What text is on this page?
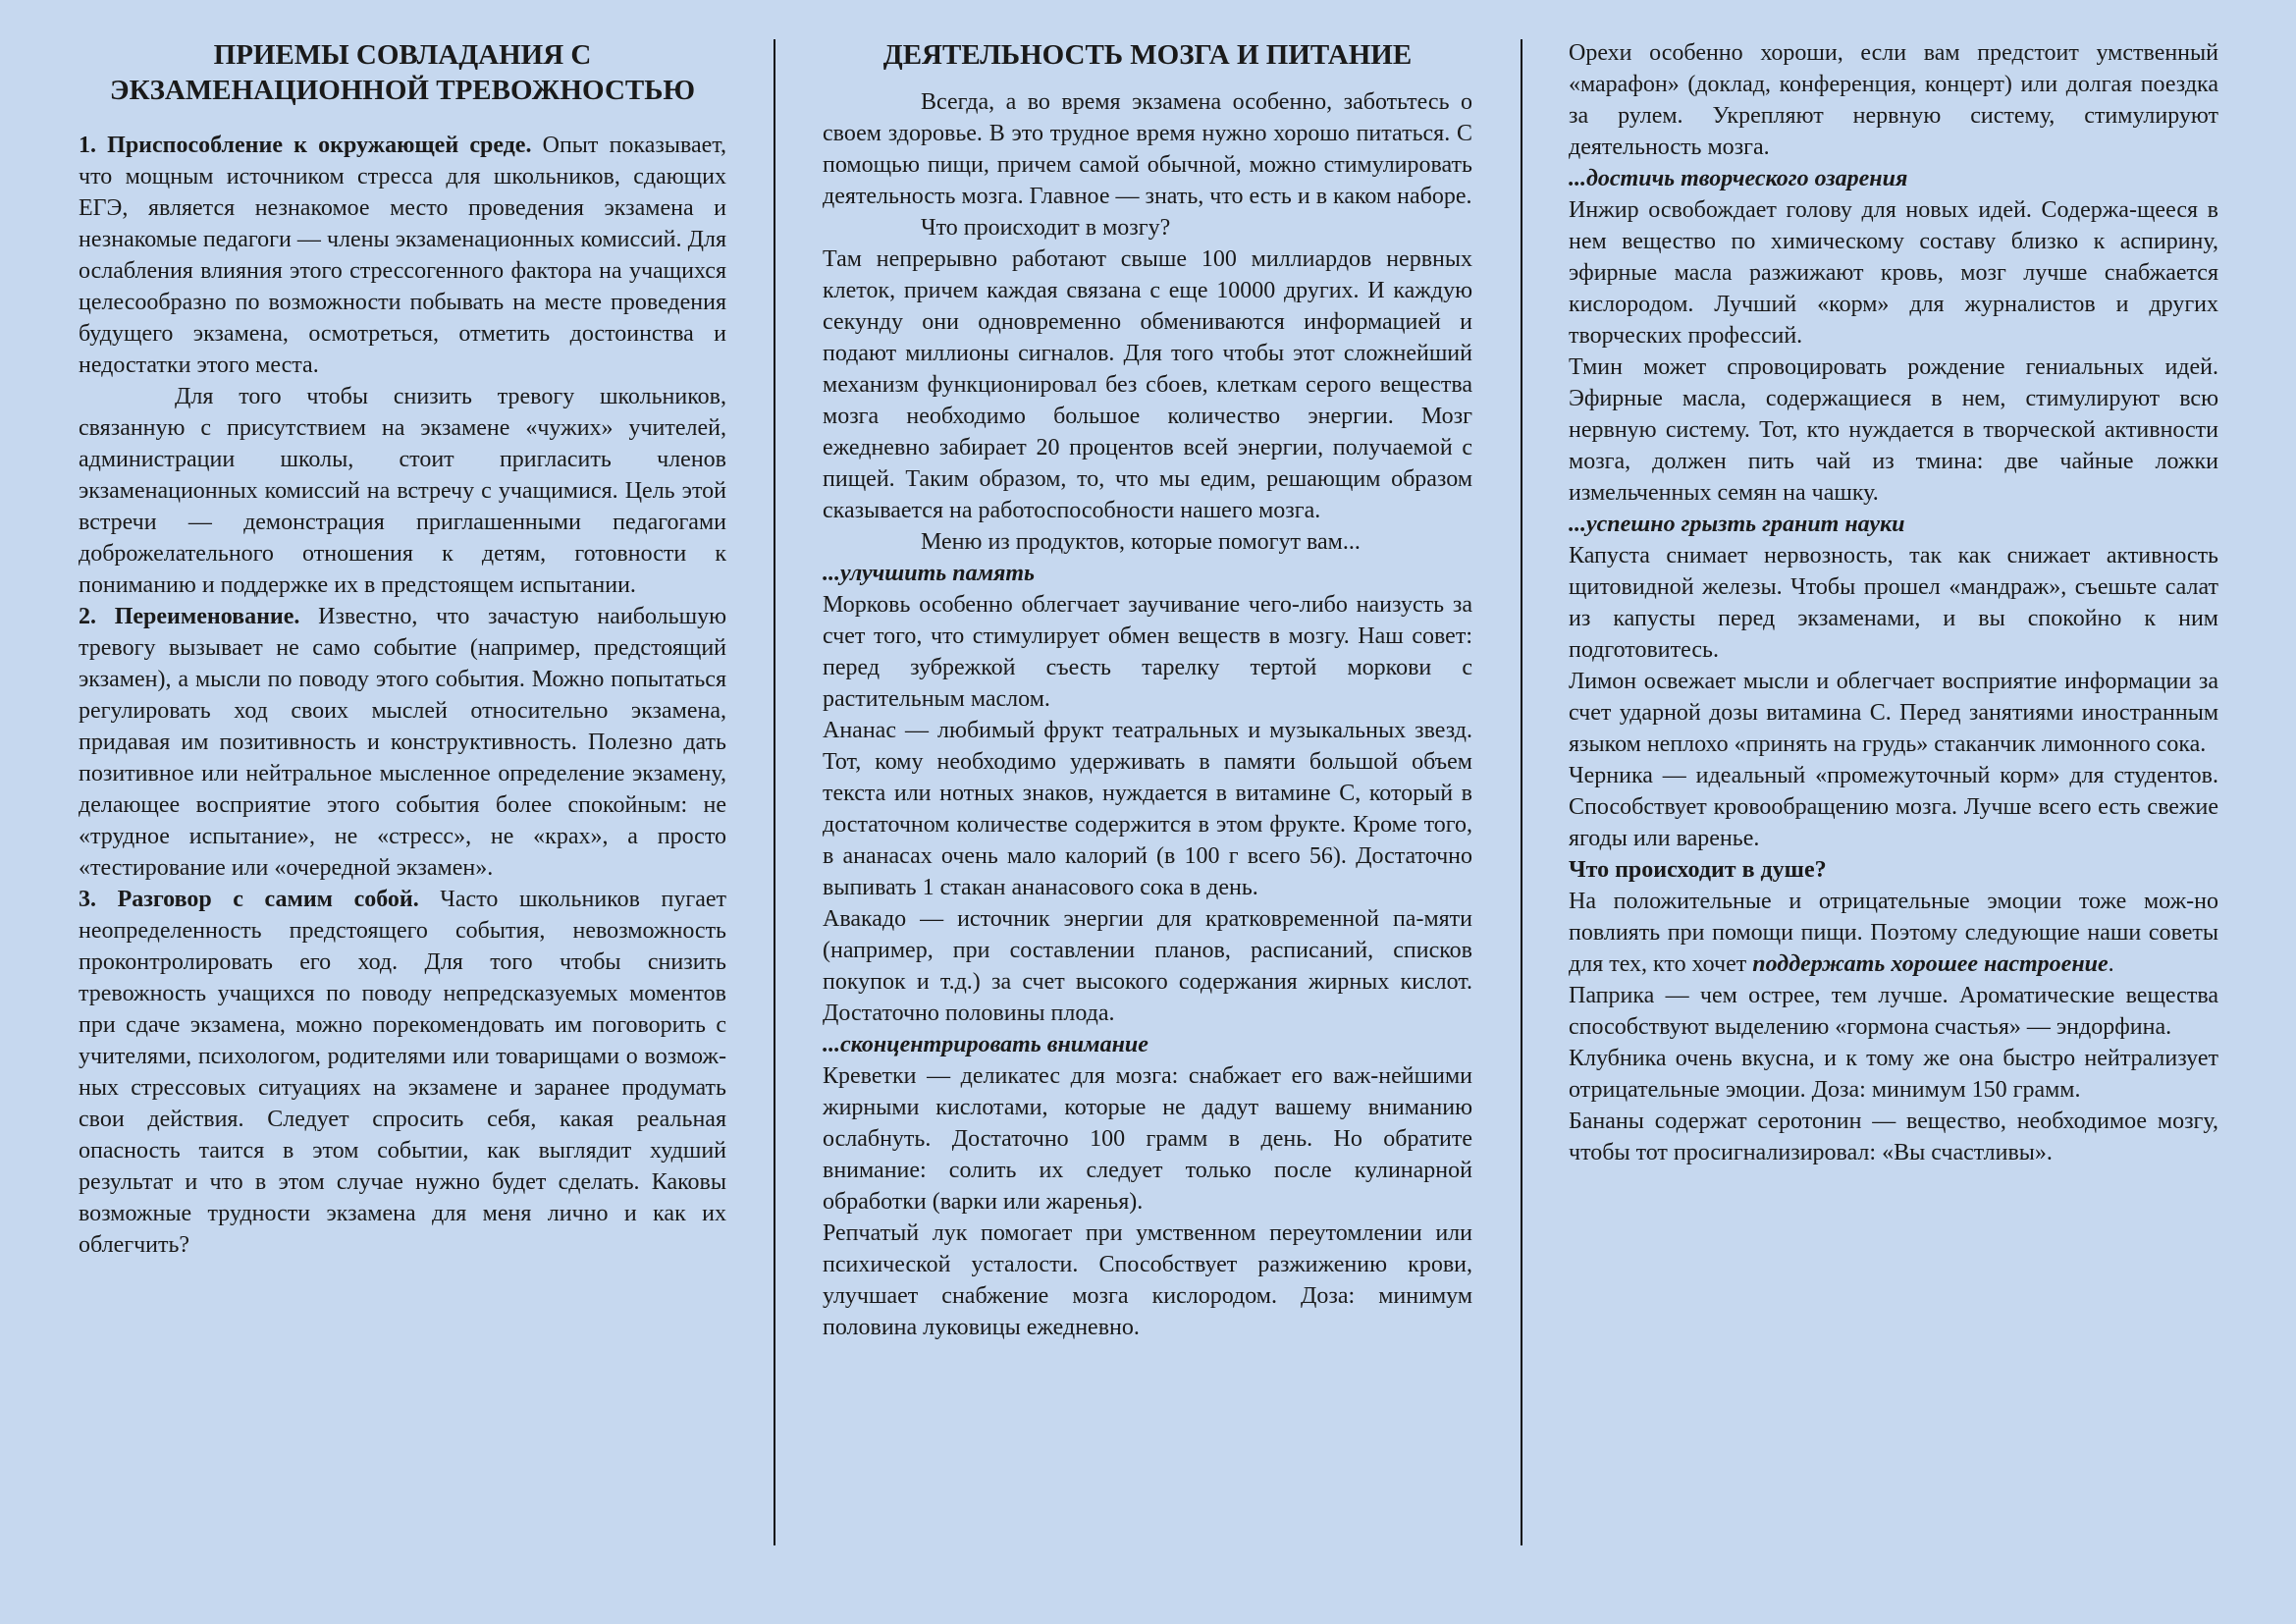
ПРИЕМЫ СОВЛАДАНИЯ С
ЭКЗАМЕНАЦИОННОЙ ТРЕВОЖНОСТЬЮ

1. Приспособление к окружающей среде. Опыт показывает, что мощным источником стресса для школьников, сдающих ЕГЭ, является незнакомое место проведения экзамена и незнакомые педагоги — члены экзаменационных комиссий. Для ослабления влияния этого стрессогенного фактора на учащихся целесообразно по возможности побывать на месте проведения будущего экзамена, осмотреться, отметить достоинства и недостатки этого места.

Для того чтобы снизить тревогу школьников, связанную с присутствием на экзамене «чужих» учителей, администрации школы, стоит пригласить членов экзаменационных комиссий на встречу с учащимися. Цель этой встречи — демонстрация приглашенными педагогами доброжелательного отношения к детям, готовности к пониманию и поддержке их в предстоящем испытании.

2. Переименование. Известно, что зачастую наибольшую тревогу вызывает не само событие (например, предстоящий экзамен), а мысли по поводу этого события. Можно попытаться регулировать ход своих мыслей относительно экзамена, придавая им позитивность и конструктивность. Полезно дать позитивное или нейтральное мысленное определение экзамену, делающее восприятие этого события более спокойным: не «трудное испытание», не «стресс», не «крах», а просто «тестирование или «очередной экзамен».

3. Разговор с самим собой. Часто школьников пугает неопределенность предстоящего события, невозможность проконтролировать его ход. Для того чтобы снизить тревожность учащихся по поводу непредсказуемых моментов при сдаче экзамена, можно порекомендовать им поговорить с учителями, психологом, родителями или товарищами о возмож-ных стрессовых ситуациях на экзамене и заранее продумать свои действия. Следует спросить себя, какая реальная опасность таится в этом событии, как выглядит худший результат и что в этом случае нужно будет сделать. Каковы возможные трудности экзамена для меня лично и как их облегчить?

ДЕЯТЕЛЬНОСТЬ МОЗГА И ПИТАНИЕ

Всегда, а во время экзамена особенно, заботьтесь о своем здоровье. В это трудное время нужно хорошо питаться. С помощью пищи, причем самой обычной, можно стимулировать деятельность мозга. Главное — знать, что есть и в каком наборе.

Что происходит в мозгу?

Там непрерывно работают свыше 100 миллиардов нервных клеток, причем каждая связана с еще 10000 других. И каждую секунду они одновременно обмениваются информацией и подают миллионы сигналов. Для того чтобы этот сложнейший механизм функционировал без сбоев, клеткам серого вещества мозга необходимо большое количество энергии. Мозг ежедневно забирает 20 процентов всей энергии, получаемой с пищей. Таким образом, то, что мы едим, решающим образом сказывается на работоспособности нашего мозга.

Меню из продуктов, которые помогут вам...

...улучшить память

Морковь особенно облегчает заучивание чего-либо наизусть за счет того, что стимулирует обмен веществ в мозгу. Наш совет: перед зубрежкой съесть тарелку тертой моркови с растительным маслом.

Ананас — любимый фрукт театральных и музыкальных звезд. Тот, кому необходимо удерживать в памяти большой объем текста или нотных знаков, нуждается в витамине С, который в достаточном количестве содержится в этом фрукте. Кроме того, в ананасах очень мало калорий (в 100 г всего 56). Достаточно выпивать 1 стакан ананасового сока в день.

Авакадо — источник энергии для кратковременной па-мяти (например, при составлении планов, расписаний, списков покупок и т.д.) за счет высокого содержания жирных кислот. Достаточно половины плода.

...сконцентрировать внимание

Креветки — деликатес для мозга: снабжает его важ-нейшими жирными кислотами, которые не дадут вашему вниманию ослабнуть. Достаточно 100 грамм в день. Но обратите внимание: солить их следует только после кулинарной обработки (варки или жаренья).

Репчатый лук помогает при умственном переутомлении или психической усталости. Способствует разжижению крови, улучшает снабжение мозга кислородом. Доза: минимум половина луковицы ежедневно.

Орехи особенно хороши, если вам предстоит умственный «марафон» (доклад, конференция, концерт) или долгая поездка за рулем. Укрепляют нервную систему, стимулируют деятельность мозга.

...достичь творческого озарения

Инжир освобождает голову для новых идей. Содержа-щееся в нем вещество по химическому составу близко к аспирину, эфирные масла разжижают кровь, мозг лучше снабжается кислородом. Лучший «корм» для журналистов и других творческих профессий.

Тмин может спровоцировать рождение гениальных идей. Эфирные масла, содержащиеся в нем, стимулируют всю нервную систему. Тот, кто нуждается в творческой активности мозга, должен пить чай из тмина: две чайные ложки измельченных семян на чашку.

...успешно грызть гранит науки

Капуста снимает нервозность, так как снижает активность щитовидной железы. Чтобы прошел «мандраж», съешьте салат из капусты перед экзаменами, и вы спокойно к ним подготовитесь.

Лимон освежает мысли и облегчает восприятие информации за счет ударной дозы витамина С. Перед занятиями иностранным языком неплохо «принять на грудь» стаканчик лимонного сока.

Черника — идеальный «промежуточный корм» для студентов. Способствует кровообращению мозга. Лучше всего есть свежие ягоды или варенье.

Что происходит в душе?

На положительные и отрицательные эмоции тоже мож-но повлиять при помощи пищи. Поэтому следующие наши советы для тех, кто хочет поддержать хорошее настроение.

Паприка — чем острее, тем лучше. Ароматические вещества способствуют выделению «гормона счастья» — эндорфина.

Клубника очень вкусна, и к тому же она быстро нейтрализует отрицательные эмоции. Доза: минимум 150 грамм.

Бананы содержат серотонин — вещество, необходимое мозгу, чтобы тот просигнализировал: «Вы счастливы».
